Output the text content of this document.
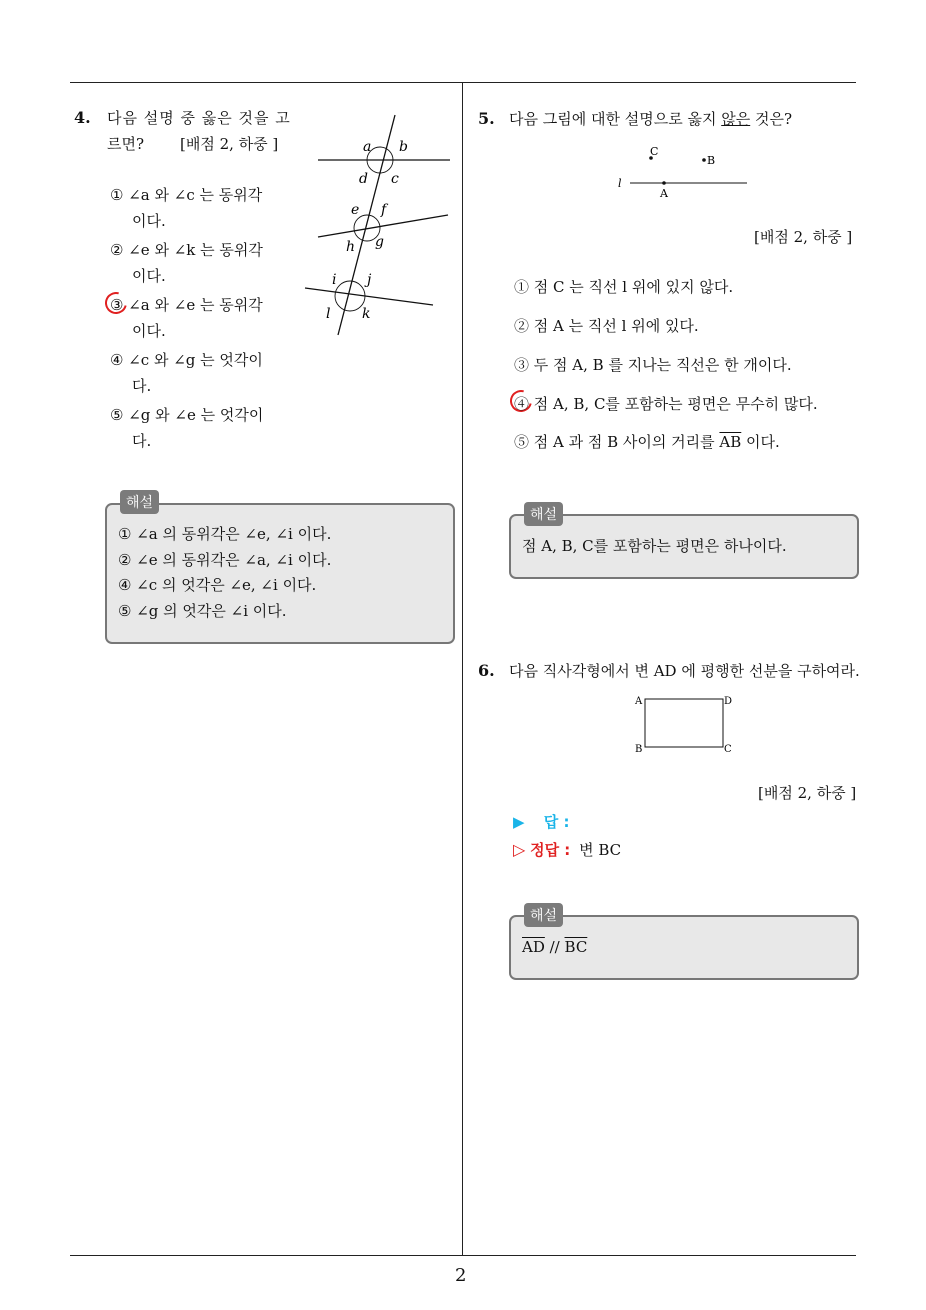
2
4. 다음 설명 중 옳은 것을 고
르면? [배점 2, 하중 ]	a b
d c
e f
h g
i j
l k
① ∠a 와 ∠c 는 동위각
이다.
② ∠e 와 ∠k 는 동위각
이다.
③ ∠a 와 ∠e 는 동위각
이다.
④ ∠c 와 ∠g 는 엇각이
다.
⑤ ∠g 와 ∠e 는 엇각이
다.
해설
① ∠a 의 동위각은 ∠e, ∠i 이다.
② ∠e 의 동위각은 ∠a, ∠i 이다.
④ ∠c 의 엇각은 ∠e, ∠i 이다.
⑤ ∠g 의 엇각은 ∠i 이다.
5. 다음 그림에 대한 설명으로 옳지 않은 것은?
C
B
A
l
[배점 2, 하중 ]
① 점 C 는 직선 l 위에 있지 않다.
② 점 A 는 직선 l 위에 있다.
③ 두 점 A, B 를 지나는 직선은 한 개이다.
④ 점 A, B, C를 포함하는 평면은 무수히 많다.
⑤ 점 A 과 점 B 사이의 거리를 $\overline{AB}$ 이다.
해설
점 A, B, C를 포함하는 평면은 하나이다.
6. 다음 직사각형에서 변 AD 에 평행한 선분을 구하여라.
A	D
B	C
[배점 2, 하중 ]
▶ 답 :
▷ 정답 : 변 BC
해설
$\overline{AD} // \overline{BC}$
